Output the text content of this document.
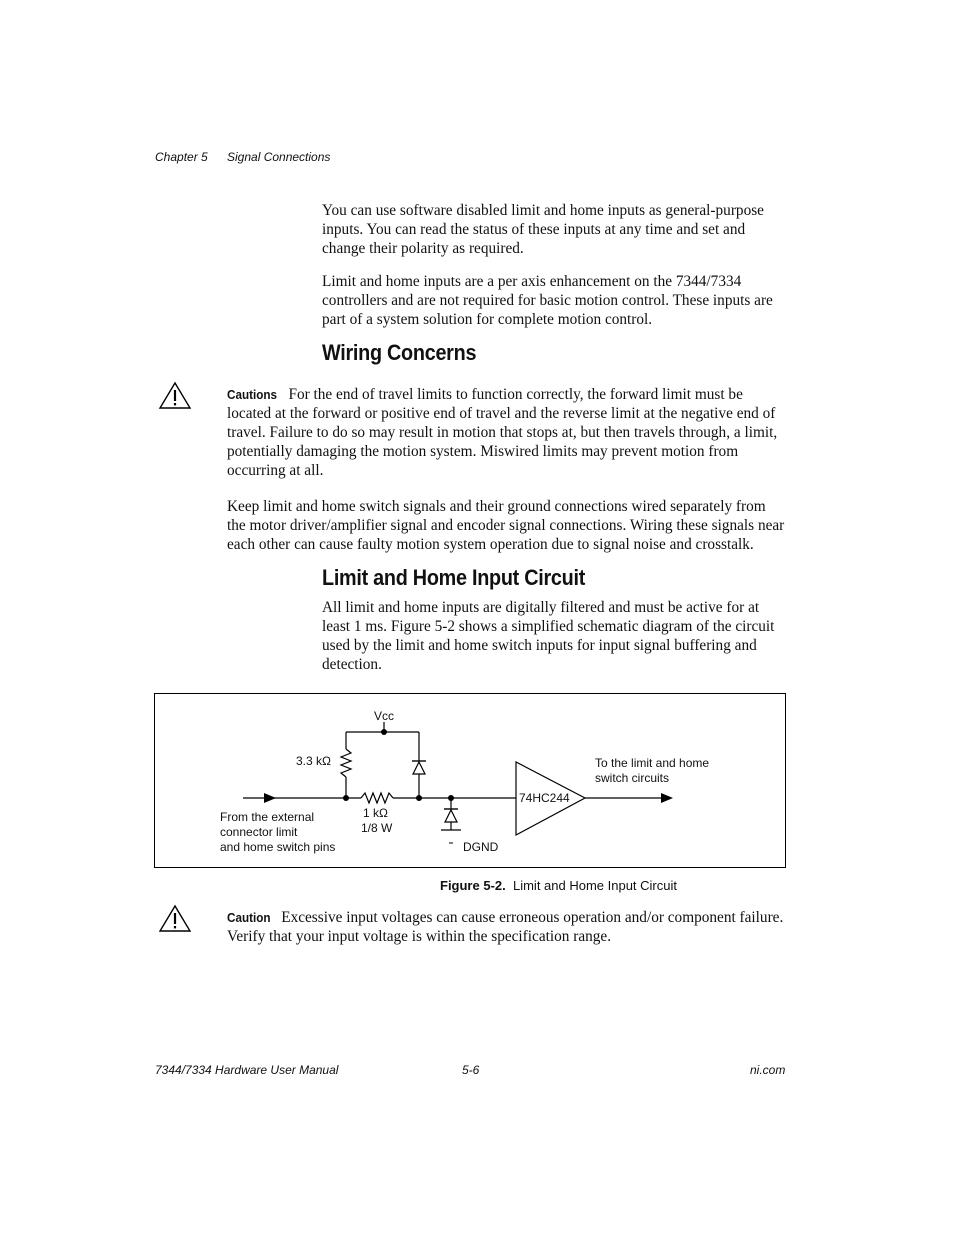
Chapter 5 Signal Connections
You can use software disabled limit and home inputs as general-purpose inputs. You can read the status of these inputs at any time and set and change their polarity as required.
Limit and home inputs are a per axis enhancement on the 7344/7334 controllers and are not required for basic motion control. These inputs are part of a system solution for complete motion control.
Wiring Concerns
Cautions For the end of travel limits to function correctly, the forward limit must be located at the forward or positive end of travel and the reverse limit at the negative end of travel. Failure to do so may result in motion that stops at, but then travels through, a limit, potentially damaging the motion system. Miswired limits may prevent motion from occurring at all.
Keep limit and home switch signals and their ground connections wired separately from the motor driver/amplifier signal and encoder signal connections. Wiring these signals near each other can cause faulty motion system operation due to signal noise and crosstalk.
Limit and Home Input Circuit
All limit and home inputs are digitally filtered and must be active for at least 1 ms. Figure 5-2 shows a simplified schematic diagram of the circuit used by the limit and home switch inputs for input signal buffering and detection.
Vcc
3.3 kΩ
1 kΩ
1/8 W
DGND
74HC244
To the limit and home
switch circuits
From the external
connector limit
and home switch pins
Figure 5-2. Limit and Home Input Circuit
Caution Excessive input voltages can cause erroneous operation and/or component failure. Verify that your input voltage is within the specification range.
7344/7334 Hardware User Manual	5-6	ni.com
